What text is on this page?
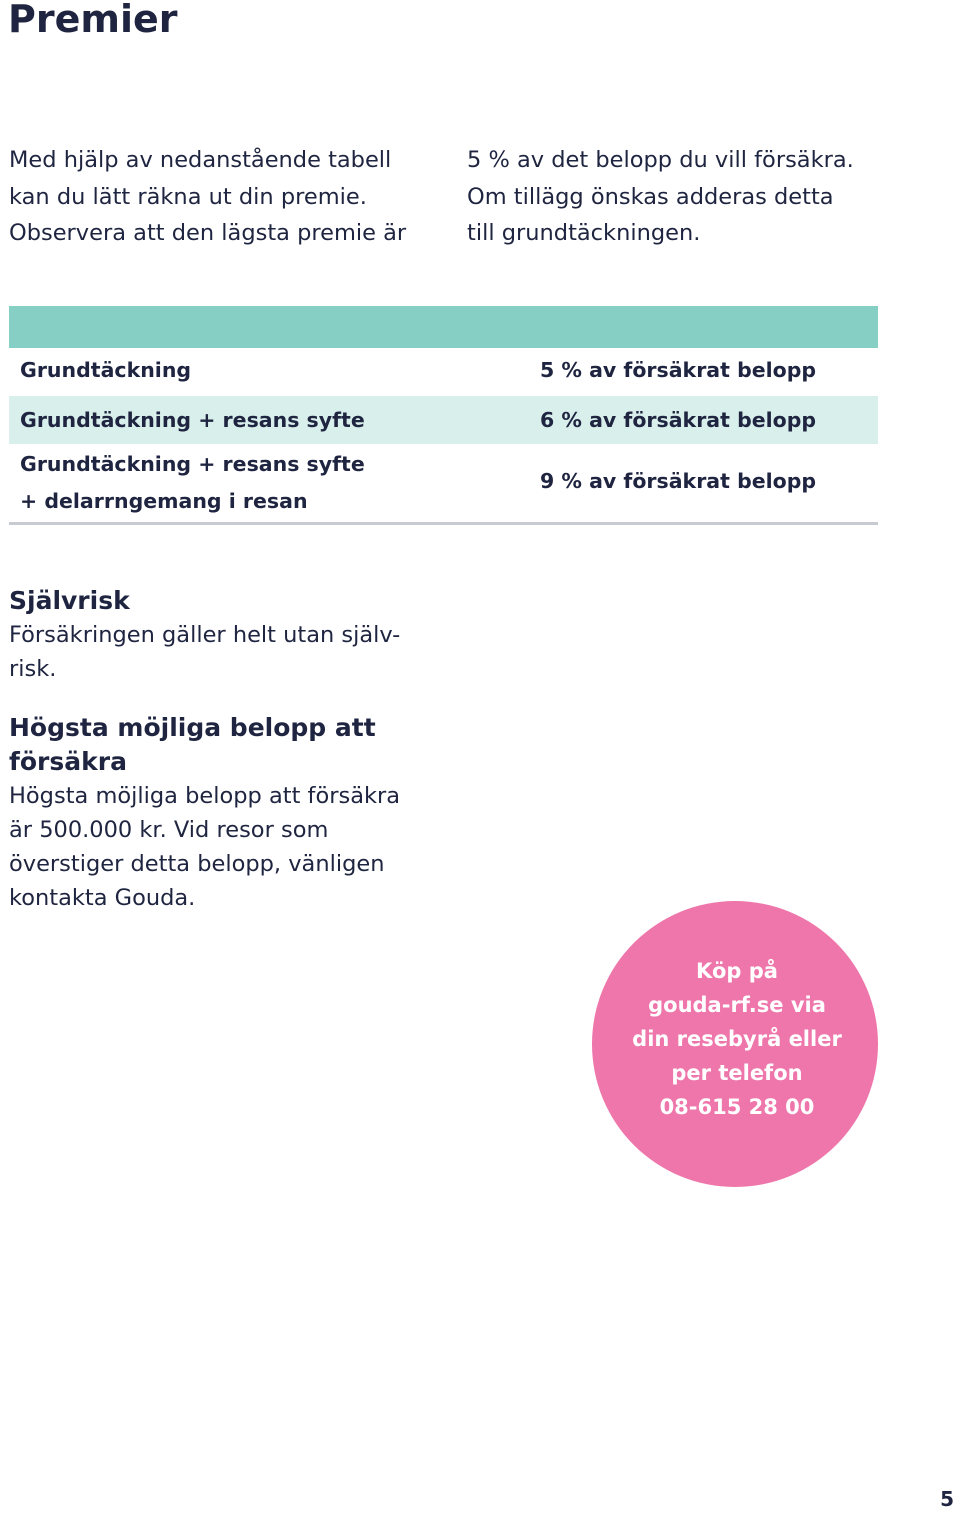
Premier

Med hjälp av nedanstående tabell
kan du lätt räkna ut din premie.
Observera att den lägsta premie är

5 % av det belopp du vill försäkra.
Om tillägg önskas adderas detta
till grundtäckningen.

Grundtäckning	5 % av försäkrat belopp
Grundtäckning + resans syfte	6 % av försäkrat belopp
Grundtäckning + resans syfte
+ delarrngemang i resan
9 % av försäkrat belopp
Självrisk

Försäkringen gäller helt utan själv-
risk.

Högsta möjliga belopp att
försäkra

Högsta möjliga belopp att försäkra
är 500.000 kr. Vid resor som
överstiger detta belopp, vänligen
kontakta Gouda.

Köp på
gouda-rf.se via
din resebyrå eller
per telefon
08-615 28 00
5
